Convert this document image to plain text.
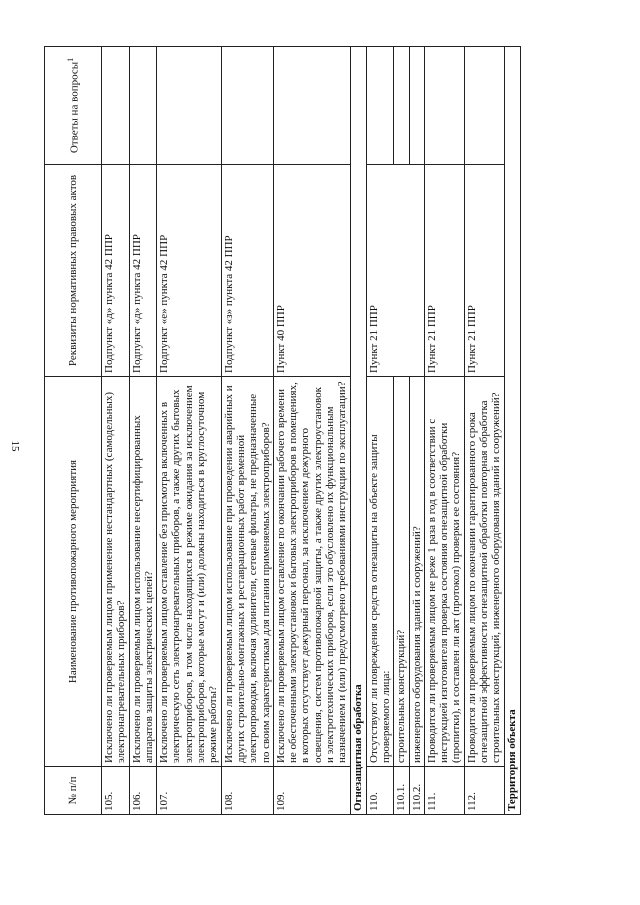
15
№ п/п	Наименование противопожарного мероприятия	Реквизиты нормативных правовых актов	Ответы на вопросы$^1$
105.	Исключено ли проверяемым лицом применение нестандартных (самодельных) электронагревательных приборов?	Подпункт «д» пункта 42 ППР	
106.	Исключено ли проверяемым лицом использование несертифицированных аппаратов защиты электрических цепей?	Подпункт «д» пункта 42 ППР	
107.	Исключено ли проверяемым лицом оставление без присмотра включенных в электрическую сеть электронагревательных приборов, а также других бытовых электроприборов, в том числе находящихся в режиме ожидания за исключением электроприборов, которые могут и (или) должны находиться в круглосуточном режиме работы?	Подпункт «е» пункта 42 ППР	
108.	Исключено ли проверяемым лицом использование при проведении аварийных и других строительно-монтажных и реставрационных работ временной электропроводки, включая удлинители, сетевые фильтры, не предназначенные по своим характеристикам для питания применяемых электроприборов?	Подпункт «з» пункта 42 ППР	
109.	Исключено ли проверяемым лицом оставление по окончании рабочего времени не обесточенными электроустановок и бытовых электроприборов в помещениях, в которых отсутствует дежурный персонал, за исключением дежурного освещения, систем противопожарной защиты, а также других электроустановок и электротехнических приборов, если это обусловлено их функциональным назначением и (или) предусмотрено требованиями инструкции по эксплуатации?	Пункт 40 ППР	
Огнезащитная обработка			
110.	Отсутствуют ли повреждения средств огнезащиты на объекте защиты проверяемого лица:	Пункт 21 ППР	
110.1.	строительных конструкций?		
110.2.	инженерного оборудования зданий и сооружений?		
111.	Проводится ли проверяемым лицом не реже 1 раза в год в соответствии с инструкцией изготовителя проверка состояния огнезащитной обработки (пропитки), и составлен ли акт (протокол) проверки ее состояния?	Пункт 21 ППР	
112.	Проводится ли проверяемым лицом по окончании гарантированного срока огнезащитной эффективности огнезащитной обработки повторная обработка строительных конструкций, инженерного оборудования зданий и сооружений?	Пункт 21 ППР	
Территория объекта			
